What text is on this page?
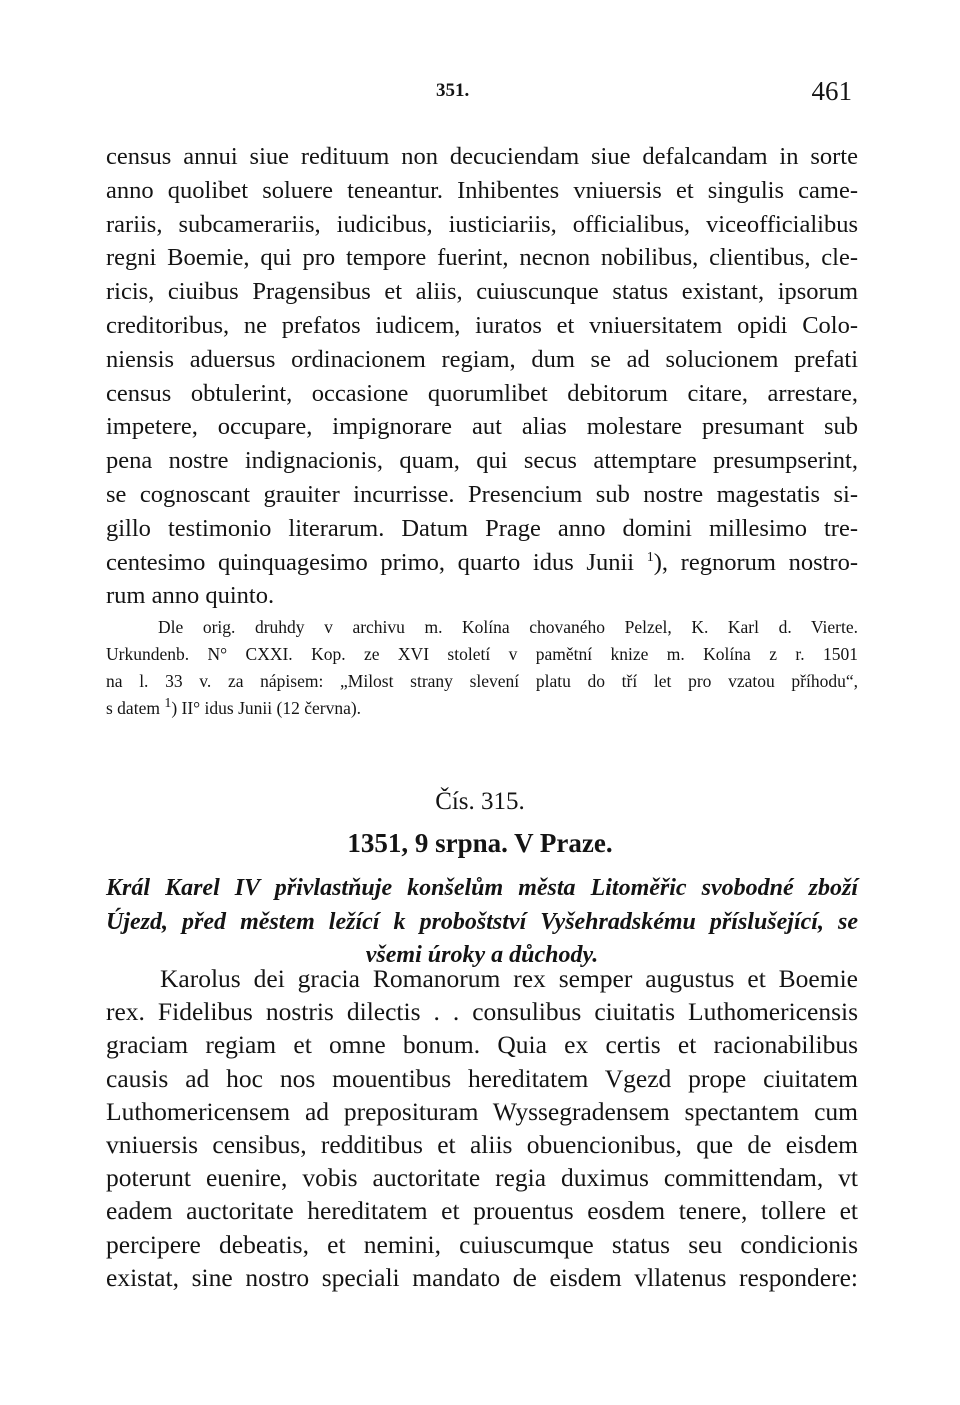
351.	461
census annui siue redituum non decuciendam siue defalcandam in sorte
anno quolibet soluere teneantur. Inhibentes vniuersis et singulis came-
rariis, subcamerariis, iudicibus, iusticiariis, officialibus, viceofficialibus
regni Boemie, qui pro tempore fuerint, necnon nobilibus, clientibus, cle-
ricis, ciuibus Pragensibus et aliis, cuiuscunque status existant, ipsorum
creditoribus, ne prefatos iudicem, iuratos et vniuersitatem opidi Colo-
niensis aduersus ordinacionem regiam, dum se ad solucionem prefati
census obtulerint, occasione quorumlibet debitorum citare, arrestare,
impetere, occupare, impignorare aut alias molestare presumant sub
pena nostre indignacionis, quam, qui secus attemptare presumpserint,
se cognoscant grauiter incurrisse. Presencium sub nostre magestatis si-
gillo testimonio literarum. Datum Prage anno domini millesimo tre-
centesimo quinquagesimo primo, quarto idus Junii $^1$), regnorum nostro-
rum anno quinto.
Dle orig. druhdy v archivu m. Kolína chovaného Pelzel, K. Karl d. Vierte.
Urkundenb. N° CXXI. Kop. ze XVI století v pamětní knize m. Kolína z r. 1501
na l. 33 v. za nápisem: „Milost strany slevení platu do tří let pro vzatou příhodu“,
s datem $^1$) II° idus Junii (12 června).
Čís. 315.
1351, 9 srpna. V Praze.
Král Karel IV přivlastňuje konšelům města Litoměřic svobodné zboží
Újezd, před městem ležící k proboštství Vyšehradskému příslušející, se
všemi úroky a důchody.
Karolus dei gracia Romanorum rex semper augustus et Boemie
rex. Fidelibus nostris dilectis . . consulibus ciuitatis Luthomericensis
graciam regiam et omne bonum. Quia ex certis et racionabilibus
causis ad hoc nos mouentibus hereditatem Vgezd prope ciuitatem
Luthomericensem ad preposituram Wyssegradensem spectantem cum
vniuersis censibus, redditibus et aliis obuencionibus, que de eisdem
poterunt euenire, vobis auctoritate regia duximus committendam, vt
eadem auctoritate hereditatem et prouentus eosdem tenere, tollere et
percipere debeatis, et nemini, cuiuscumque status seu condicionis
existat, sine nostro speciali mandato de eisdem vllatenus respondere:
